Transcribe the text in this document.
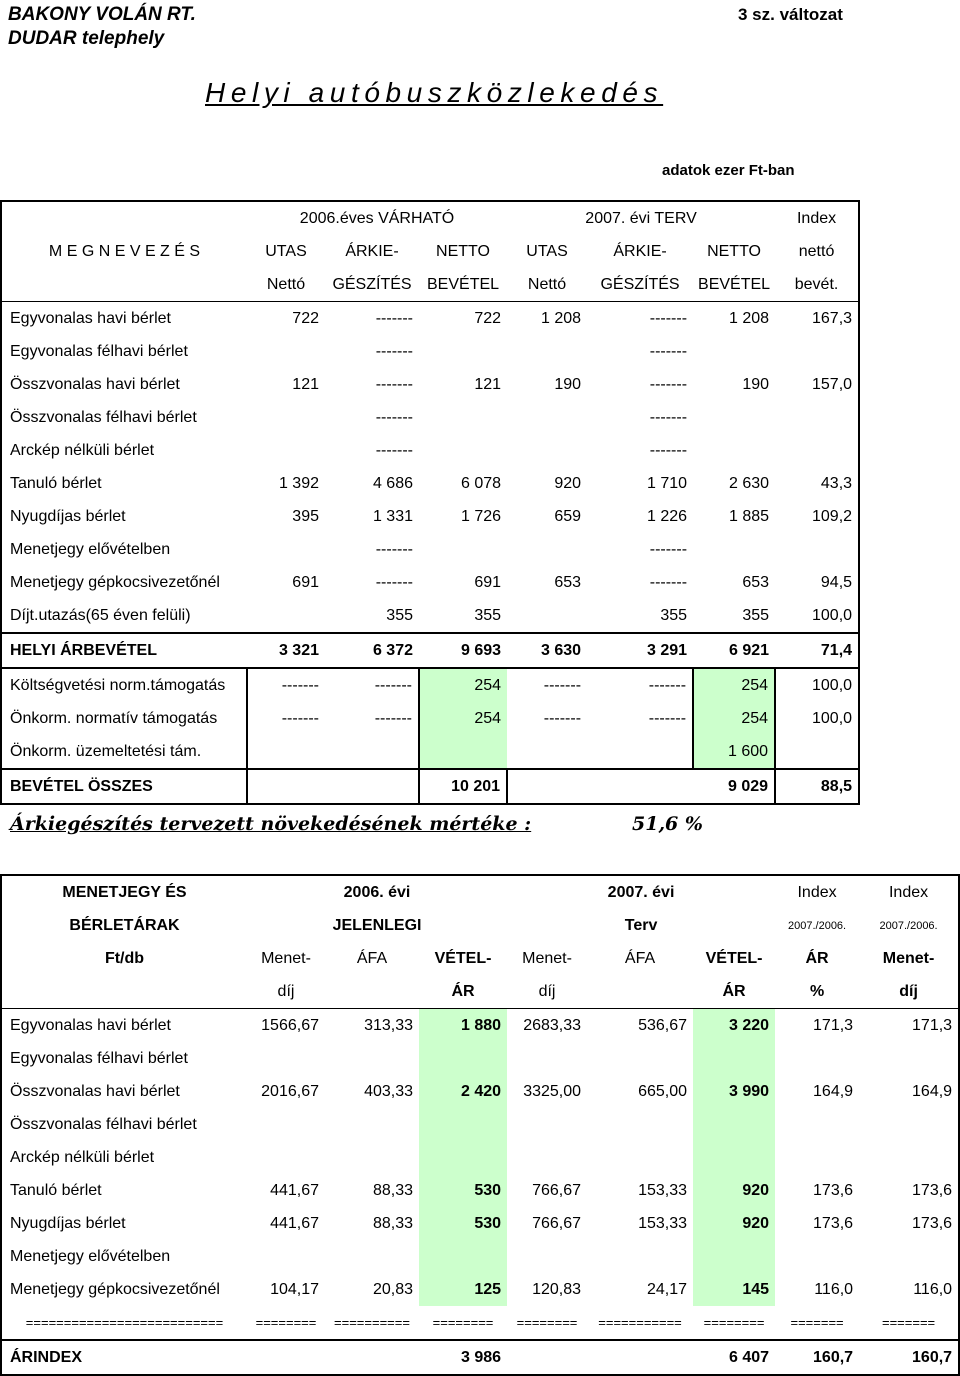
BAKONY VOLÁN RT.
DUDAR telephely
3 sz. változat
Helyi autóbuszközlekedés
adatok ezer Ft-ban
	2006.éves VÁRHATÓ			2007. évi TERV			Index
M E G N E V E Z É S	UTAS	ÁRKIE-	NETTO	UTAS	ÁRKIE-	NETTO	nettó
	Nettó	GÉSZÍTÉS	BEVÉTEL	Nettó	GÉSZÍTÉS	BEVÉTEL	bevét.
Egyvonalas havi bérlet	722	-------	722	1 208	-------	1 208	167,3
Egyvonalas félhavi bérlet		-------			-------		
Összvonalas havi bérlet	121	-------	121	190	-------	190	157,0
Összvonalas félhavi bérlet		-------			-------		
Arckép nélküli bérlet		-------			-------		
Tanuló bérlet	1 392	4 686	6 078	920	1 710	2 630	43,3
Nyugdíjas bérlet	395	1 331	1 726	659	1 226	1 885	109,2
Menetjegy elővételben		-------			-------		
Menetjegy gépkocsivezetőnél	691	-------	691	653	-------	653	94,5
Díjt.utazás(65 éven felüli)		355	355		355	355	100,0
HELYI ÁRBEVÉTEL	3 321	6 372	9 693	3 630	3 291	6 921	71,4
Költségvetési norm.támogatás	-------	-------	254	-------	-------	254	100,0
Önkorm. normatív támogatás	-------	-------	254	-------	-------	254	100,0
Önkorm. üzemeltetési tám.						1 600	
BEVÉTEL ÖSSZES			10 201			9 029	88,5
Árkiegészítés tervezett növekedésének mértéke :	51,6 %
MENETJEGY ÉS	2006. évi			2007. évi			Index	Index
BÉRLETÁRAK	JELENLEGI			Terv			2007./2006.	2007./2006.
Ft/db	Menet-	ÁFA	VÉTEL-	Menet-	ÁFA	VÉTEL-	ÁR	Menet-
	díj		ÁR	díj		ÁR	%	díj
Egyvonalas havi bérlet	1566,67	313,33	1 880	2683,33	536,67	3 220	171,3	171,3
Egyvonalas félhavi bérlet								
Összvonalas havi bérlet	2016,67	403,33	2 420	3325,00	665,00	3 990	164,9	164,9
Összvonalas félhavi bérlet								
Arckép nélküli bérlet								
Tanuló bérlet	441,67	88,33	530	766,67	153,33	920	173,6	173,6
Nyugdíjas bérlet	441,67	88,33	530	766,67	153,33	920	173,6	173,6
Menetjegy elővételben								
Menetjegy gépkocsivezetőnél	104,17	20,83	125	120,83	24,17	145	116,0	116,0
==========================	========	==========	========	========	===========	========	=======	=======
ÁRINDEX			3 986			6 407	160,7	160,7
